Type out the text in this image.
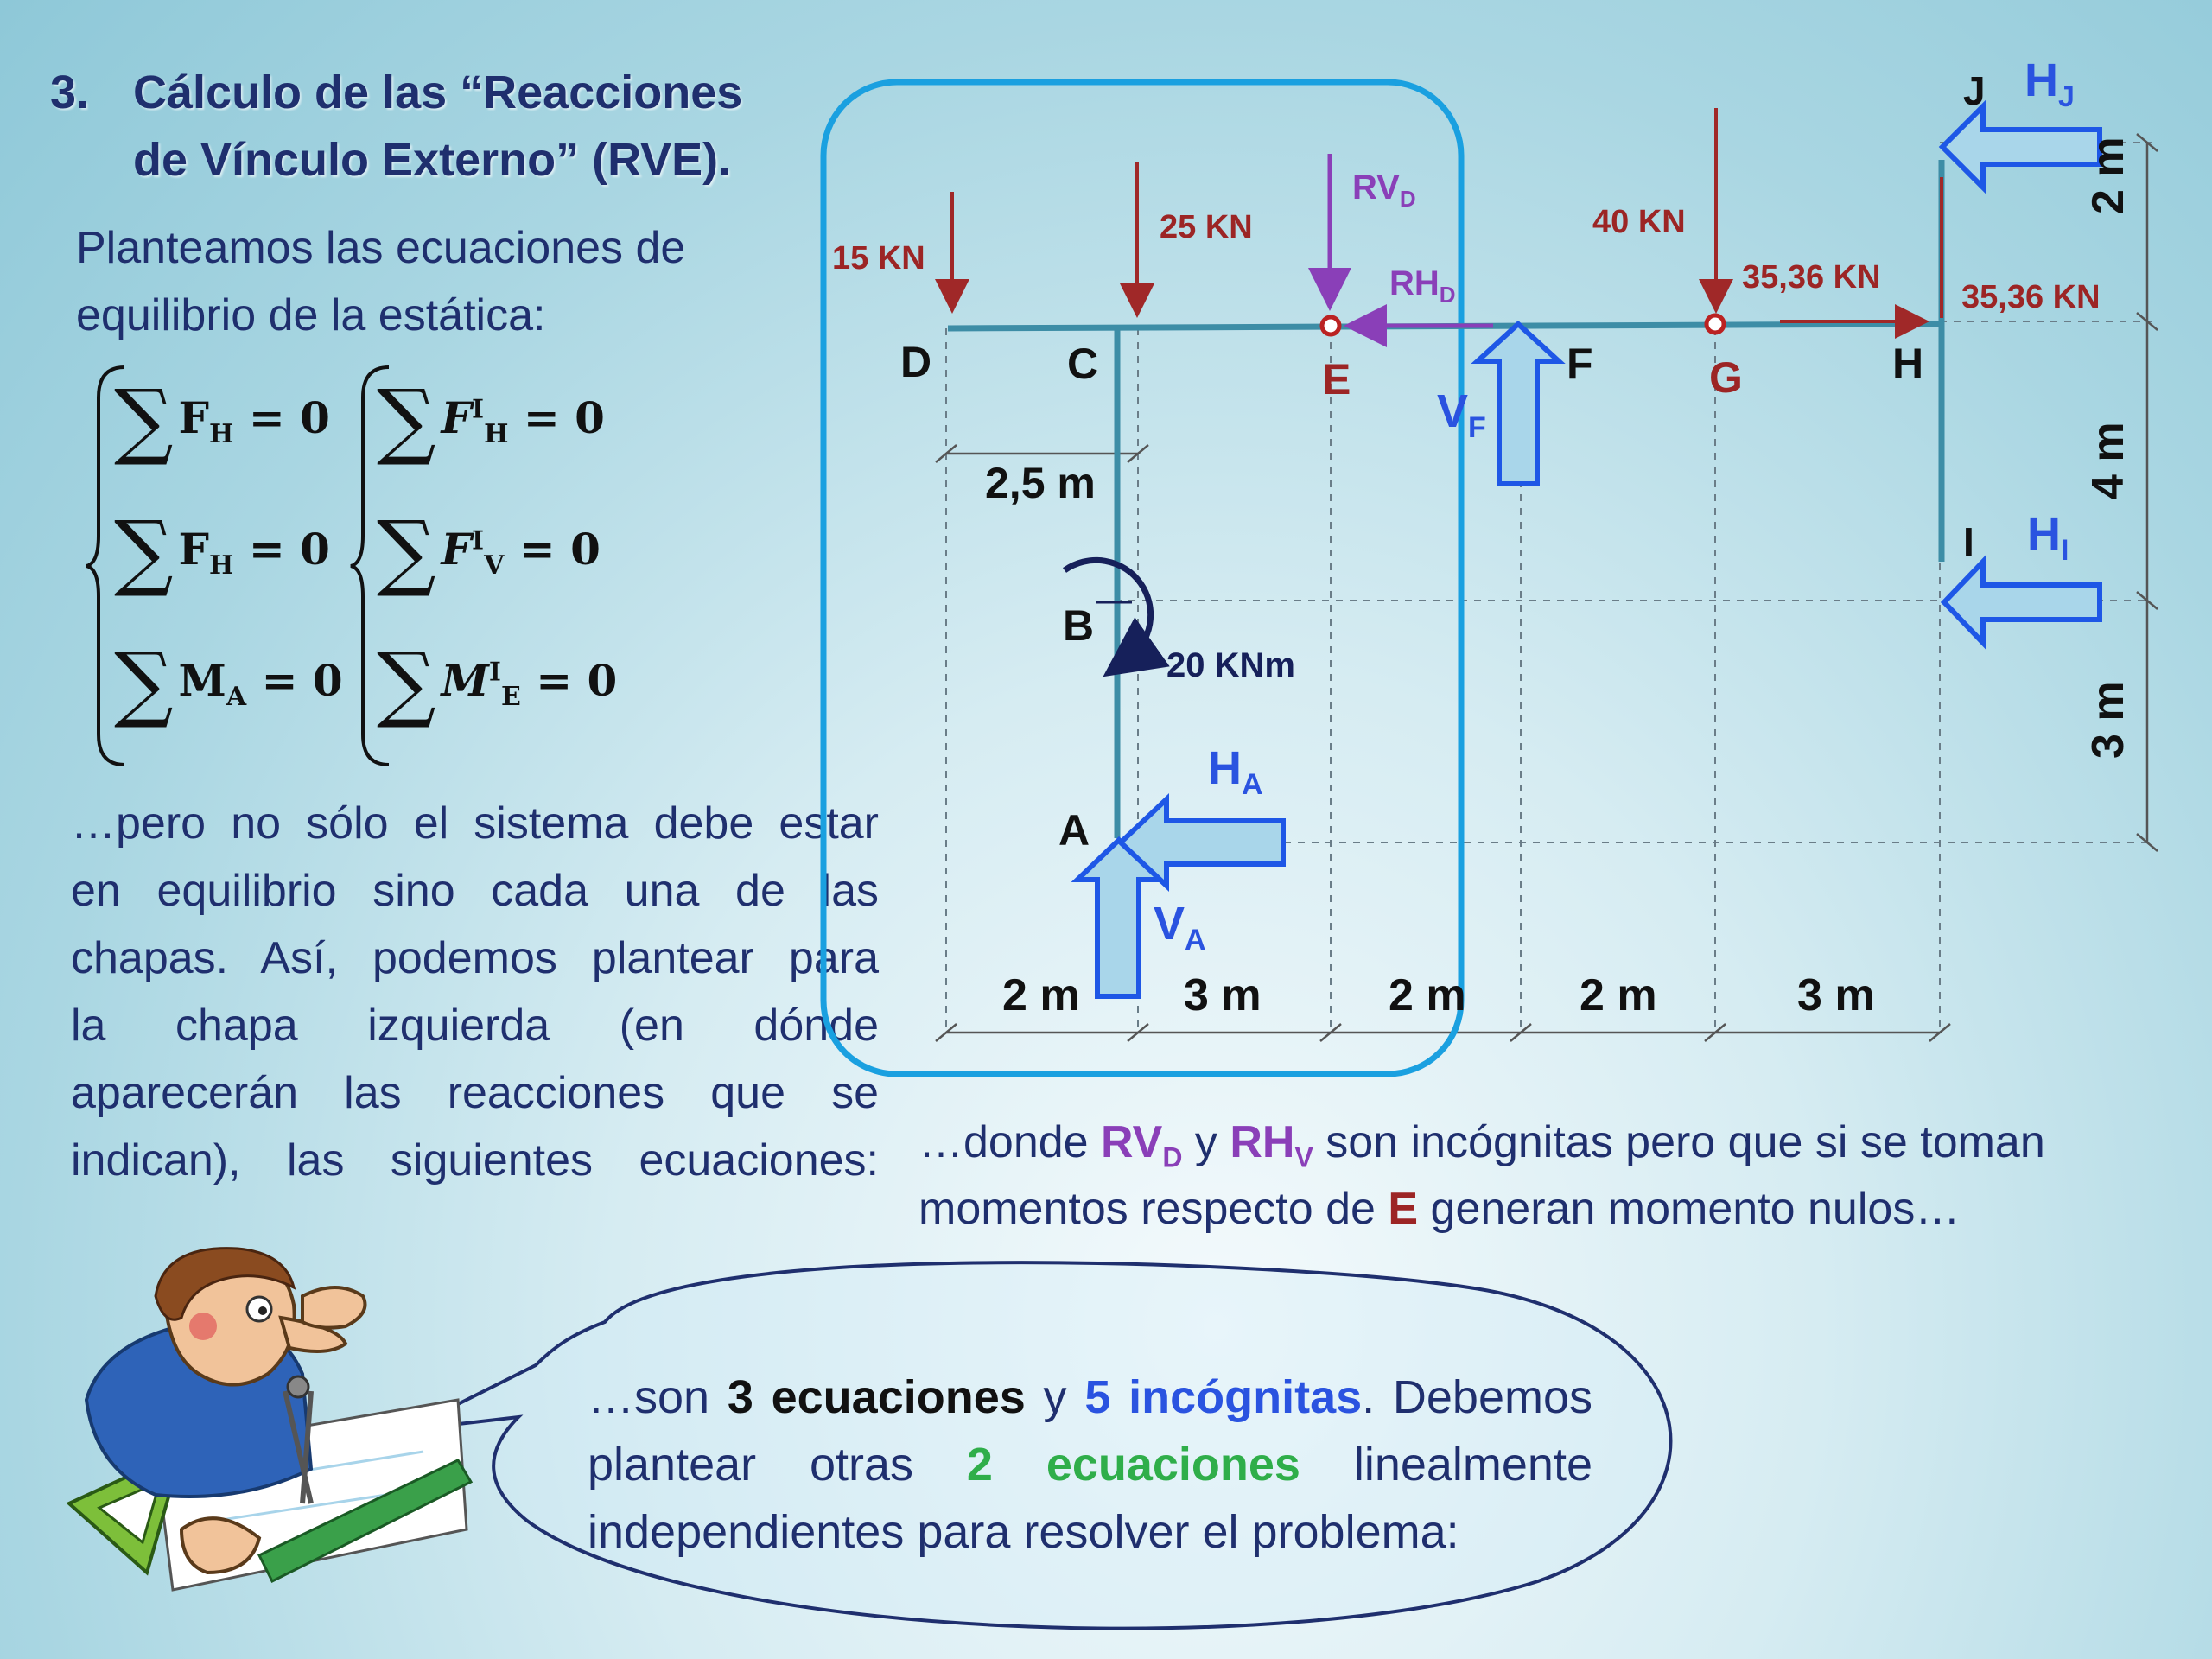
3. Cálculo de las “Reacciones
de Vínculo Externo” (RVE).
Planteamos las ecuaciones de
equilibrio de la estática:
∑ $F_H = 0$
∑ $F_H = 0$
∑ $M_A = 0$
∑ $F^I_H = 0$
∑ $F^I_V = 0$
∑ $M^I_E = 0$
…pero no sólo el sistema debe estar
en equilibrio sino cada una de las
chapas. Así, podemos plantear para
la chapa izquierda (en dónde
aparecerán las reacciones que se
indican), las siguientes ecuaciones:
15 KN
25 KN	40 KN
35,36 KN
35,36 KN
20 KNm
$RV_D$
$RH_D$
$V_F$
$H_A$
$V_A$
$H_J$
$H_I$
D	C	E	F	G	H
J
I
B
A
2,5 m
2 m 3 m	2 m	2 m	3 m
2 m
4 m
3 m
…donde $RV_D$ y $RH_V$ son incógnitas pero que si se toman
momentos respecto de E generan momento nulos…
…son 3 ecuaciones y 5 incógnitas. Debemos
plantear otras 2 ecuaciones linealmente
independientes para resolver el problema:
